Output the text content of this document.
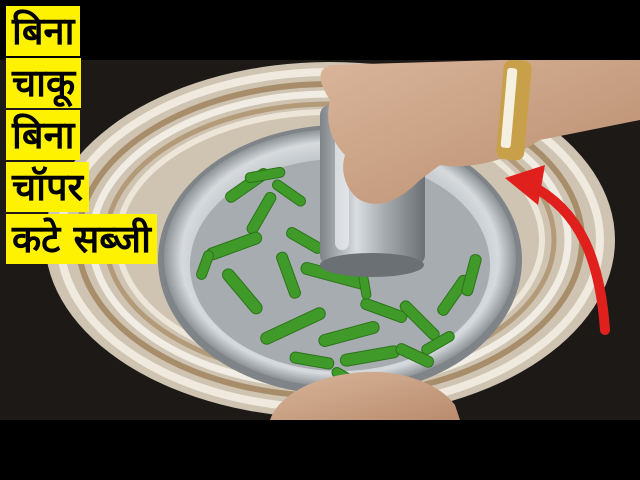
बिना
चाकू
बिना
चॉपर
कटे सब्जी
